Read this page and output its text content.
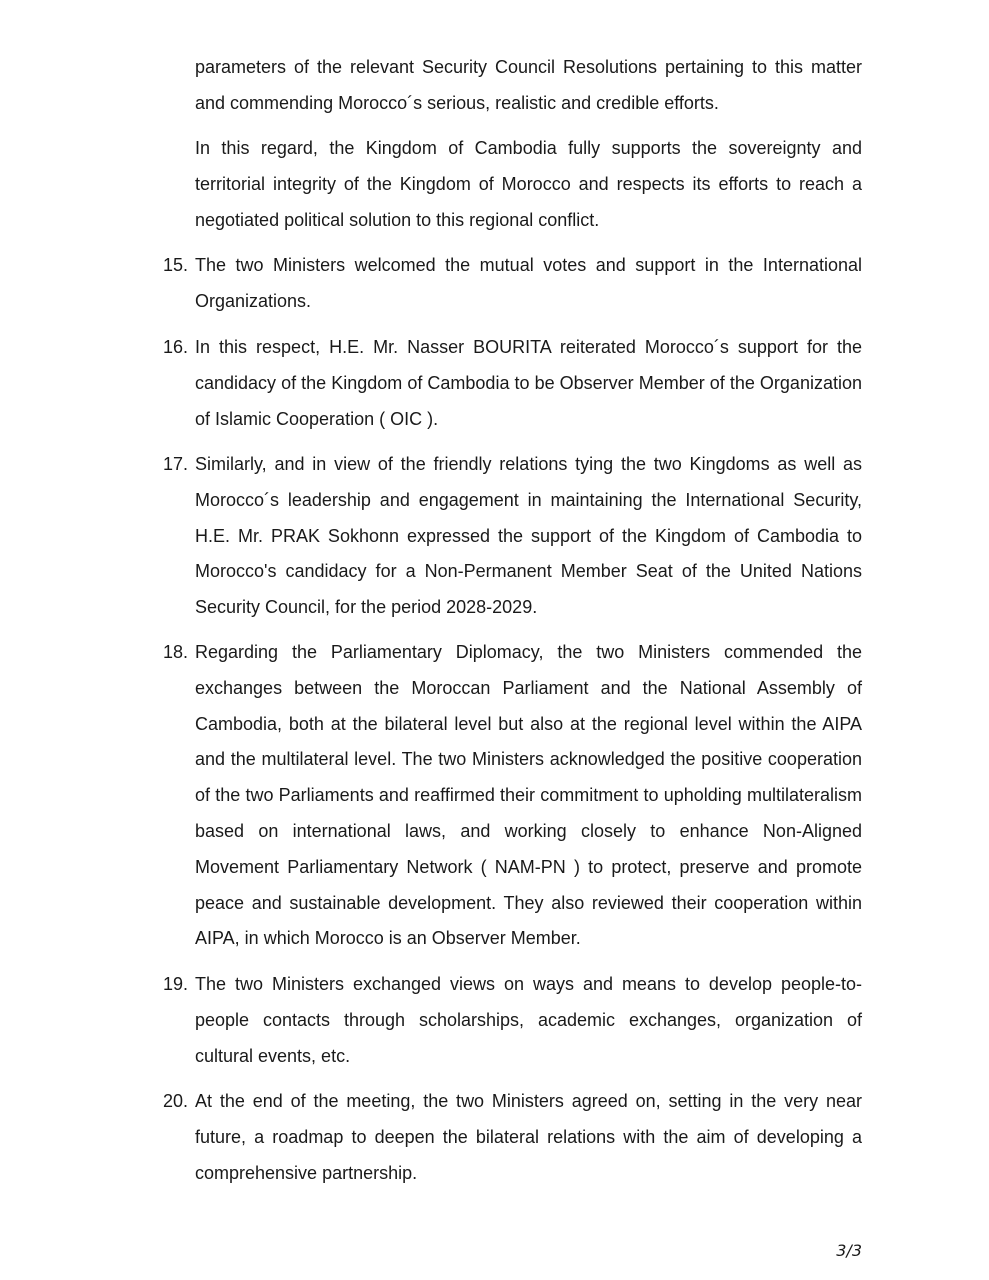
parameters of the relevant Security Council Resolutions pertaining to this matter and commending Morocco´s serious, realistic and credible efforts.

In this regard, the Kingdom of Cambodia fully supports the sovereignty and territorial integrity of the Kingdom of Morocco and respects its efforts to reach a negotiated political solution to this regional conflict.

15. The two Ministers welcomed the mutual votes and support in the International Organizations.

16. In this respect, H.E. Mr. Nasser BOURITA reiterated Morocco´s support for the candidacy of the Kingdom of Cambodia to be Observer Member of the Organization of Islamic Cooperation ( OIC ).

17. Similarly, and in view of the friendly relations tying the two Kingdoms as well as Morocco´s leadership and engagement in maintaining the International Security, H.E. Mr. PRAK Sokhonn expressed the support of the Kingdom of Cambodia to Morocco's candidacy for a Non-Permanent Member Seat of the United Nations Security Council, for the period 2028-2029.

18. Regarding the Parliamentary Diplomacy, the two Ministers commended the exchanges between the Moroccan Parliament and the National Assembly of Cambodia, both at the bilateral level but also at the regional level within the AIPA and the multilateral level. The two Ministers acknowledged the positive cooperation of the two Parliaments and reaffirmed their commitment to upholding multilateralism based on international laws, and working closely to enhance Non-Aligned Movement Parliamentary Network ( NAM-PN ) to protect, preserve and promote peace and sustainable development. They also reviewed their cooperation within AIPA, in which Morocco is an Observer Member.

19. The two Ministers exchanged views on ways and means to develop people-to-people contacts through scholarships, academic exchanges, organization of cultural events, etc.

20. At the end of the meeting, the two Ministers agreed on, setting in the very near future, a roadmap to deepen the bilateral relations with the aim of developing a comprehensive partnership.

3/3
